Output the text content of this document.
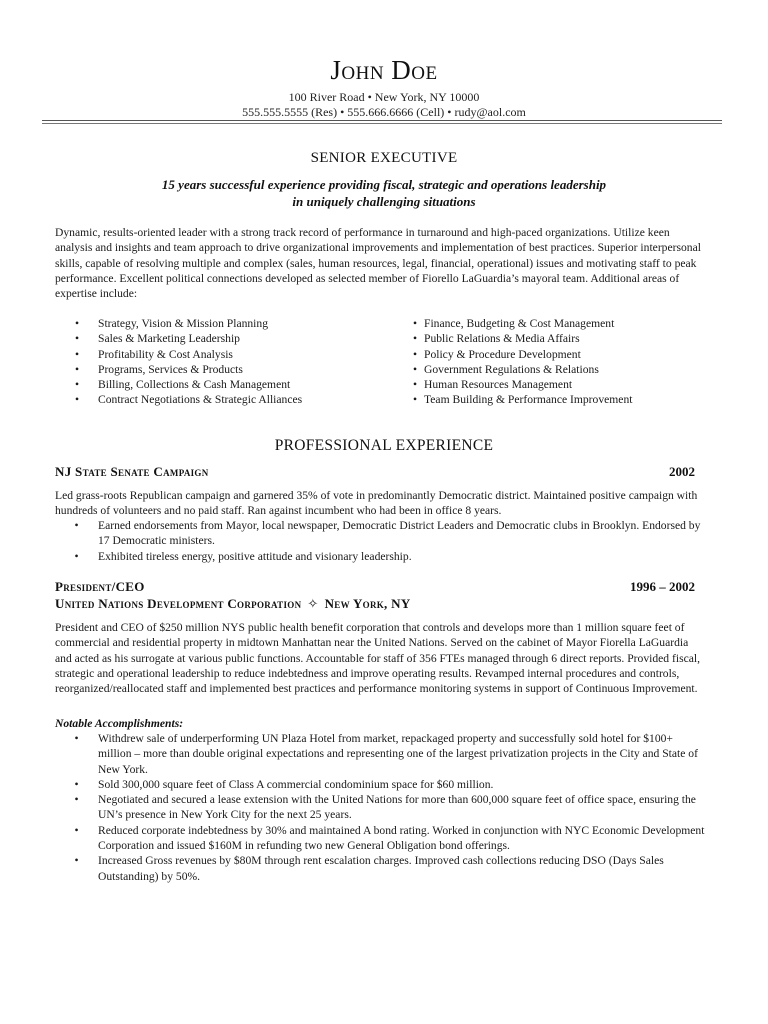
John Doe
100 River Road • New York, NY 10000
555.555.5555 (Res) • 555.666.6666 (Cell) • rudy@aol.com
SENIOR EXECUTIVE
15 years successful experience providing fiscal, strategic and operations leadership
in uniquely challenging situations

Dynamic, results-oriented leader with a strong track record of performance in turnaround and high-paced organizations. Utilize keen analysis and insights and team approach to drive organizational improvements and implementation of best practices. Superior interpersonal skills, capable of resolving multiple and complex (sales, human resources, legal, financial, operational) issues and motivating staff to peak performance. Excellent political connections developed as selected member of Fiorello LaGuardia’s mayoral team. Additional areas of expertise include:

•	Strategy, Vision & Mission Planning
•	Sales & Marketing Leadership
•	Profitability & Cost Analysis
•	Programs, Services & Products
•	Billing, Collections & Cash Management
•	Contract Negotiations & Strategic Alliances
• Finance, Budgeting & Cost Management
• Public Relations & Media Affairs
• Policy & Procedure Development
• Government Regulations & Relations
• Human Resources Management
• Team Building & Performance Improvement
PROFESSIONAL EXPERIENCE
NJ State Senate Campaign	2002

Led grass-roots Republican campaign and garnered 35% of vote in predominantly Democratic district. Maintained positive campaign with hundreds of volunteers and no paid staff. Ran against incumbent who had been in office 8 years.

•	Earned endorsements from Mayor, local newspaper, Democratic District Leaders and Democratic clubs in Brooklyn. Endorsed by 17 Democratic ministers.
•	Exhibited tireless energy, positive attitude and visionary leadership.
President/CEO	1996 – 2002
United Nations Development Corporation ✧ New York, NY

President and CEO of $250 million NYS public health benefit corporation that controls and develops more than 1 million square feet of commercial and residential property in midtown Manhattan near the United Nations. Served on the cabinet of Mayor Fiorella LaGuardia and acted as his surrogate at various public functions. Accountable for staff of 356 FTEs managed through 6 direct reports. Provided fiscal, strategic and operational leadership to reduce indebtedness and improve operating results. Revamped internal procedures and controls, reorganized/reallocated staff and implemented best practices and performance monitoring systems in support of Continuous Improvement.

Notable Accomplishments:
•	Withdrew sale of underperforming UN Plaza Hotel from market, repackaged property and successfully sold hotel for $100+ million – more than double original expectations and representing one of the largest privatization projects in the City and State of New York.
•	Sold 300,000 square feet of Class A commercial condominium space for $60 million.
•	Negotiated and secured a lease extension with the United Nations for more than 600,000 square feet of office space, ensuring the UN’s presence in New York City for the next 25 years.
•	Reduced corporate indebtedness by 30% and maintained A bond rating. Worked in conjunction with NYC Economic Development Corporation and issued $160M in refunding two new General Obligation bond offerings.
•	Increased Gross revenues by $80M through rent escalation charges. Improved cash collections reducing DSO (Days Sales Outstanding) by 50%.
